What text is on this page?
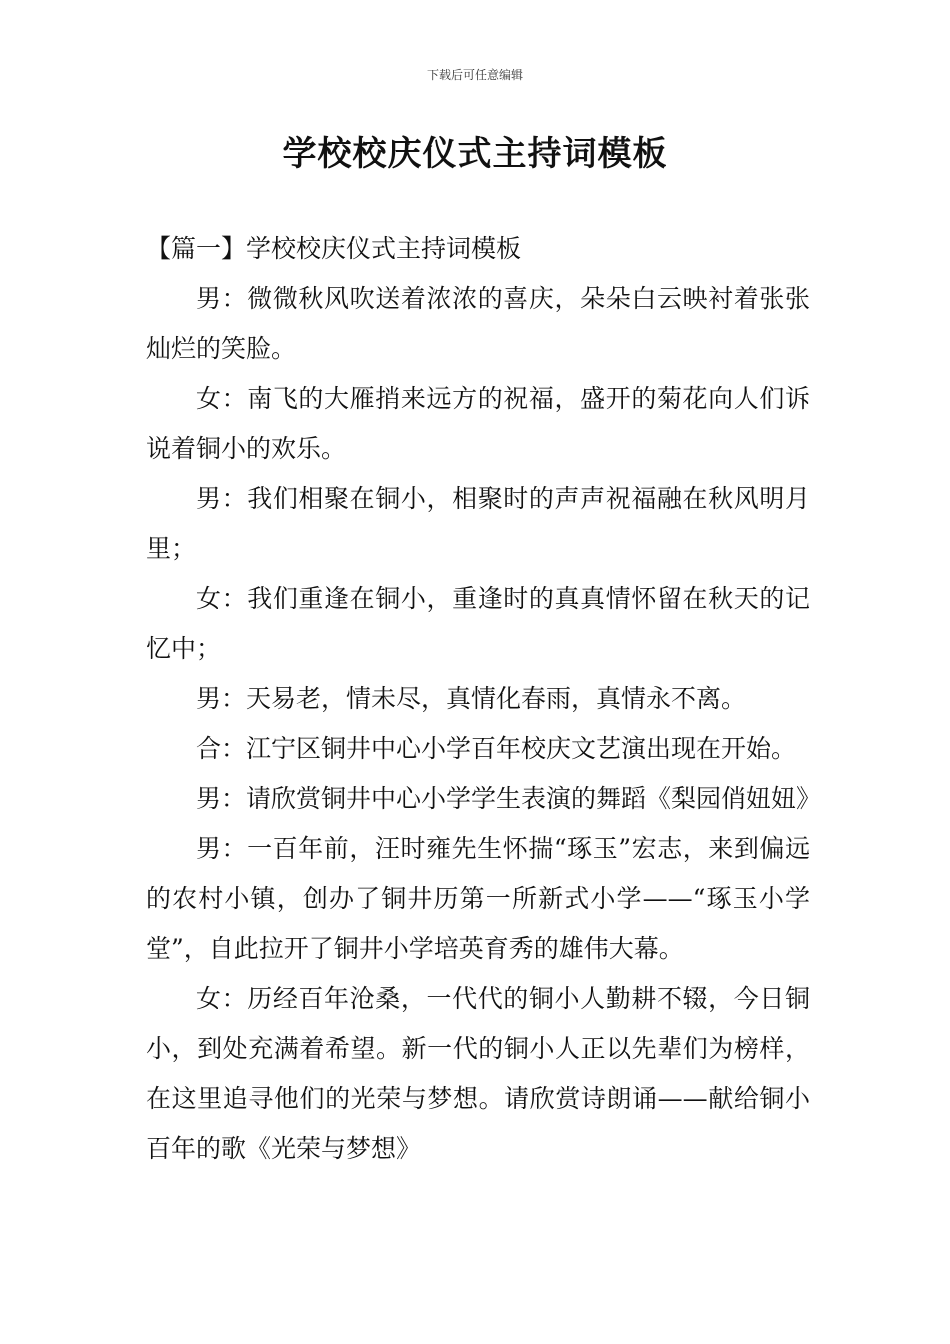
下载后可任意编辑
学校校庆仪式主持词模板

【篇一】学校校庆仪式主持词模板

男：微微秋风吹送着浓浓的喜庆，朵朵白云映衬着张张灿烂的笑脸。

女：南飞的大雁捎来远方的祝福，盛开的菊花向人们诉说着铜小的欢乐。

男：我们相聚在铜小，相聚时的声声祝福融在秋风明月里；

女：我们重逢在铜小，重逢时的真真情怀留在秋天的记忆中；

男：天易老，情未尽，真情化春雨，真情永不离。

合：江宁区铜井中心小学百年校庆文艺演出现在开始。

男：请欣赏铜井中心小学学生表演的舞蹈《梨园俏妞妞》

男：一百年前，汪时雍先生怀揣“琢玉”宏志，来到偏远的农村小镇，创办了铜井历第一所新式小学——“琢玉小学堂”，自此拉开了铜井小学培英育秀的雄伟大幕。

女：历经百年沧桑，一代代的铜小人勤耕不辍，今日铜小，到处充满着希望。新一代的铜小人正以先辈们为榜样，在这里追寻他们的光荣与梦想。请欣赏诗朗诵——献给铜小百年的歌《光荣与梦想》
